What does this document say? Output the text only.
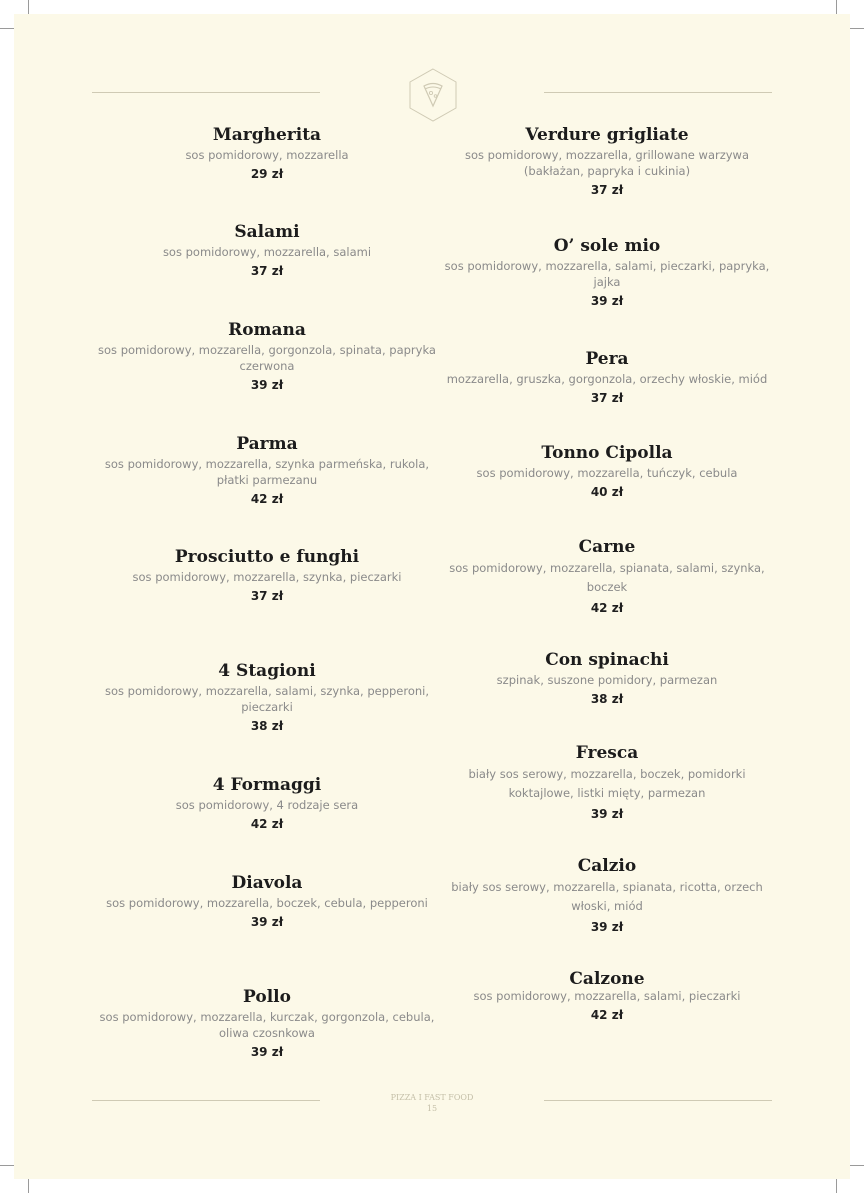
Margherita
sos pomidorowy, mozzarella
29 zł
Salami
sos pomidorowy, mozzarella, salami
37 zł
Romana
sos pomidorowy, mozzarella, gorgonzola, spinata, papryka czerwona
39 zł
Parma
sos pomidorowy, mozzarella, szynka parmeńska, rukola, płatki parmezanu
42 zł
Prosciutto e funghi
sos pomidorowy, mozzarella, szynka, pieczarki
37 zł
4 Stagioni
sos pomidorowy, mozzarella, salami, szynka, pepperoni, pieczarki
38 zł
4 Formaggi
sos pomidorowy, 4 rodzaje sera
42 zł
Diavola
sos pomidorowy, mozzarella, boczek, cebula, pepperoni
39 zł
Pollo
sos pomidorowy, mozzarella, kurczak, gorgonzola, cebula, oliwa czosnkowa
39 zł
Verdure grigliate
sos pomidorowy, mozzarella, grillowane warzywa (bakłażan, papryka i cukinia)
37 zł
O’ sole mio
sos pomidorowy, mozzarella, salami, pieczarki, papryka, jajka
39 zł
Pera
mozzarella, gruszka, gorgonzola, orzechy włoskie, miód
37 zł
Tonno Cipolla
sos pomidorowy, mozzarella, tuńczyk, cebula
40 zł
Carne
sos pomidorowy, mozzarella, spianata, salami, szynka, boczek
42 zł
Con spinachi
szpinak, suszone pomidory, parmezan
38 zł
Fresca
biały sos serowy, mozzarella, boczek, pomidorki koktajlowe, listki mięty, parmezan
39 zł
Calzio
biały sos serowy, mozzarella, spianata, ricotta, orzech włoski, miód
39 zł
Calzone
sos pomidorowy, mozzarella, salami, pieczarki
42 zł
PIZZA I FAST FOOD
15
